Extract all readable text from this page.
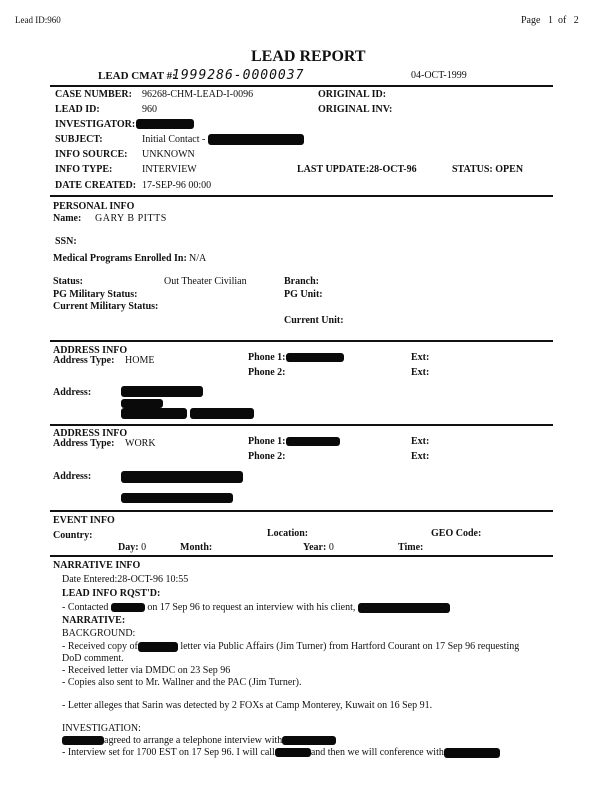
Lead ID:960	Page 1 of 2
LEAD REPORT
LEAD CMAT #:
1999286-0000037	04-OCT-1999
CASE NUMBER: 96268-CHM-LEAD-I-0096	ORIGINAL ID:
LEAD ID:	960	ORIGINAL INV:
INVESTIGATOR:
SUBJECT:	Initial Contact -
INFO SOURCE: UNKNOWN
INFO TYPE:	INTERVIEW	LAST UPDATE:28-OCT-96	STATUS: OPEN
DATE CREATED: 17-SEP-96 00:00
PERSONAL INFO
Name: GARY B PITTS
SSN:
Medical Programs Enrolled In: N/A
Status:	Out Theater Civilian	Branch:
PG Military Status:	PG Unit:
Current Military Status:
Current Unit:
ADDRESS INFO
Address Type: HOME	Phone 1:	Ext:
Phone 2:	Ext:
Address:

ADDRESS INFO
Address Type: WORK	Phone 1:	Ext:
Phone 2:	Ext:
Address:
EVENT INFO
Country:	Location:	GEO Code:
Day: 0	Month:	Year: 0	Time:
NARRATIVE INFO
Date Entered:28-OCT-96 10:55
LEAD INFO RQST'D:
- Contacted	on 17 Sep 96 to request an interview with his client,
NARRATIVE:
BACKGROUND:
- Received copy of	letter via Public Affairs (Jim Turner) from Hartford Courant on 17 Sep 96 requesting
DoD comment.
- Received letter via DMDC on 23 Sep 96
- Copies also sent to Mr. Wallner and the PAC (Jim Turner).
- Letter alleges that Sarin was detected by 2 FOXs at Camp Monterey, Kuwait on 16 Sep 91.
INVESTIGATION:
agreed to arrange a telephone interview with
- Interview set for 1700 EST on 17 Sep 96. I will call	and then we will conference with
